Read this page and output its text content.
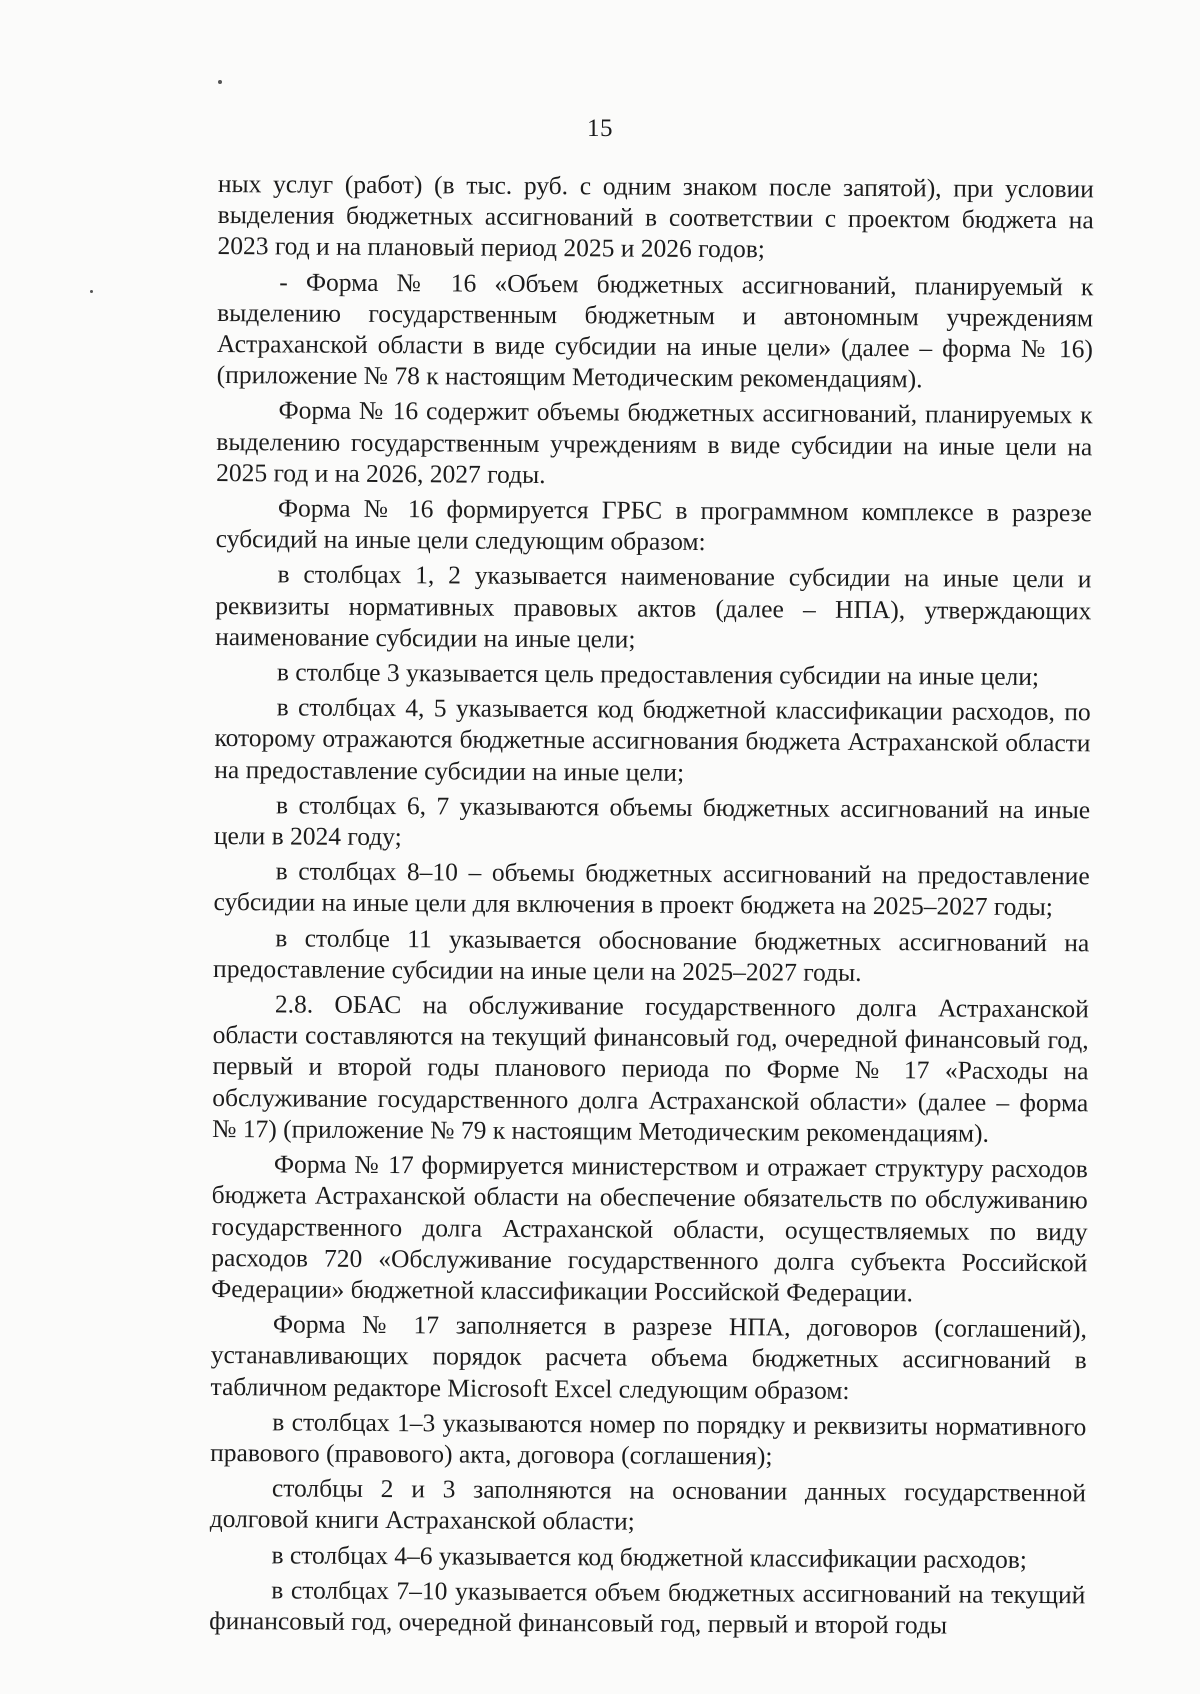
15

ных услуг (работ) (в тыс. руб. с одним знаком после запятой), при условии выделения бюджетных ассигнований в соответствии с проектом бюджета на 2023 год и на плановый период 2025 и 2026 годов;

- Форма № 16 «Объем бюджетных ассигнований, планируемый к выделению государственным бюджетным и автономным учреждениям Астраханской области в виде субсидии на иные цели» (далее – форма № 16) (приложение № 78 к настоящим Методическим рекомендациям).

Форма № 16 содержит объемы бюджетных ассигнований, планируемых к выделению государственным учреждениям в виде субсидии на иные цели на 2025 год и на 2026, 2027 годы.

Форма № 16 формируется ГРБС в программном комплексе в разрезе субсидий на иные цели следующим образом:

в столбцах 1, 2 указывается наименование субсидии на иные цели и реквизиты нормативных правовых актов (далее – НПА), утверждающих наименование субсидии на иные цели;

в столбце 3 указывается цель предоставления субсидии на иные цели;

в столбцах 4, 5 указывается код бюджетной классификации расходов, по которому отражаются бюджетные ассигнования бюджета Астраханской области на предоставление субсидии на иные цели;

в столбцах 6, 7 указываются объемы бюджетных ассигнований на иные цели в 2024 году;

в столбцах 8–10 – объемы бюджетных ассигнований на предоставление субсидии на иные цели для включения в проект бюджета на 2025–2027 годы;

в столбце 11 указывается обоснование бюджетных ассигнований на предоставление субсидии на иные цели на 2025–2027 годы.

2.8. ОБАС на обслуживание государственного долга Астраханской области составляются на текущий финансовый год, очередной финансовый год, первый и второй годы планового периода по Форме № 17 «Расходы на обслуживание государственного долга Астраханской области» (далее – форма № 17) (приложение № 79 к настоящим Методическим рекомендациям).

Форма № 17 формируется министерством и отражает структуру расходов бюджета Астраханской области на обеспечение обязательств по обслуживанию государственного долга Астраханской области, осуществляемых по виду расходов 720 «Обслуживание государственного долга субъекта Российской Федерации» бюджетной классификации Российской Федерации.

Форма № 17 заполняется в разрезе НПА, договоров (соглашений), устанавливающих порядок расчета объема бюджетных ассигнований в табличном редакторе Microsoft Excel следующим образом:

в столбцах 1–3 указываются номер по порядку и реквизиты нормативного правового (правового) акта, договора (соглашения);

столбцы 2 и 3 заполняются на основании данных государственной долговой книги Астраханской области;

в столбцах 4–6 указывается код бюджетной классификации расходов;

в столбцах 7–10 указывается объем бюджетных ассигнований на текущий финансовый год, очередной финансовый год, первый и второй годы
